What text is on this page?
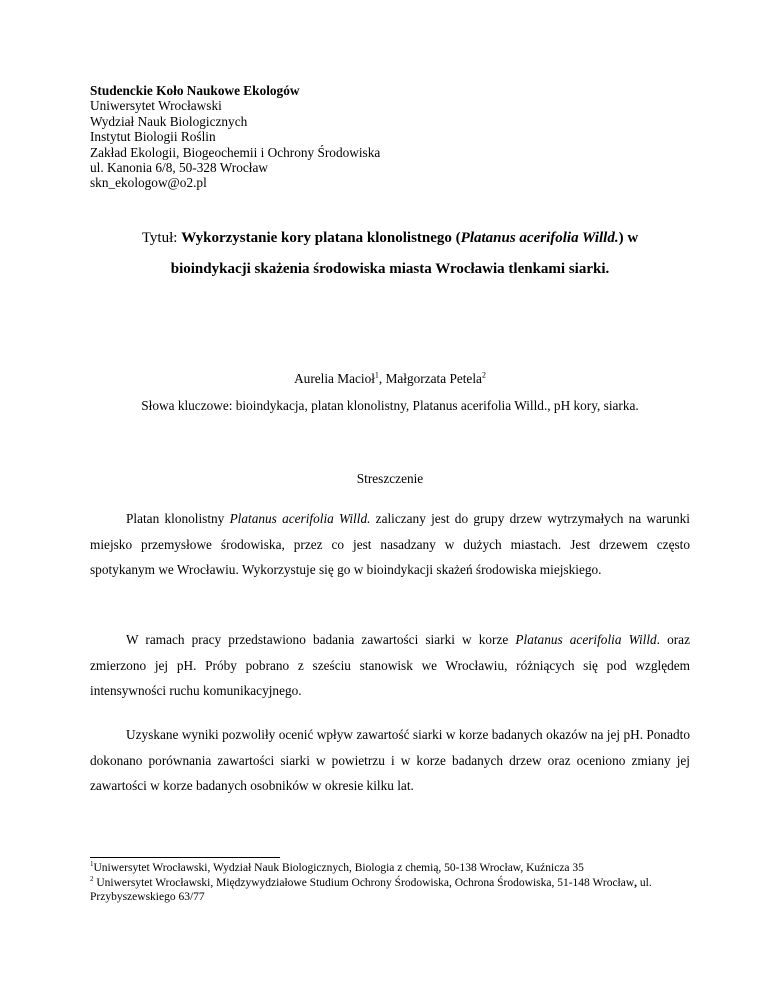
Studenckie Koło Naukowe Ekologów
Uniwersytet Wrocławski
Wydział Nauk Biologicznych
Instytut Biologii Roślin
Zakład Ekologii, Biogeochemii i Ochrony Środowiska
ul. Kanonia 6/8, 50-328 Wrocław
skn_ekologow@o2.pl
Tytuł: Wykorzystanie kory platana klonolistnego (Platanus acerifolia Willd.) w
bioindykacji skażenia środowiska miasta Wrocławia tlenkami siarki.
Aurelia Macioł$^1$, Małgorzata Petela$^2$
Słowa kluczowe: bioindykacja, platan klonolistny, Platanus acerifolia Willd., pH kory, siarka.
Streszczenie

Platan klonolistny Platanus acerifolia Willd. zaliczany jest do grupy drzew wytrzymałych na warunki miejsko przemysłowe środowiska, przez co jest nasadzany w dużych miastach. Jest drzewem często spotykanym we Wrocławiu. Wykorzystuje się go w bioindykacji skażeń środowiska miejskiego.

W ramach pracy przedstawiono badania zawartości siarki w korze Platanus acerifolia Willd. oraz zmierzono jej pH. Próby pobrano z sześciu stanowisk we Wrocławiu, różniących się pod względem intensywności ruchu komunikacyjnego.

Uzyskane wyniki pozwoliły ocenić wpływ zawartość siarki w korze badanych okazów na jej pH. Ponadto dokonano porównania zawartości siarki w powietrzu i w korze badanych drzew oraz oceniono zmiany jej zawartości w korze badanych osobników w okresie kilku lat.

$^1$Uniwersytet Wrocławski, Wydział Nauk Biologicznych, Biologia z chemią, 50-138 Wrocław, Kuźnicza 35
$^2$ Uniwersytet Wrocławski, Międzywydziałowe Studium Ochrony Środowiska, Ochrona Środowiska, 51-148 Wrocław, ul. Przybyszewskiego 63/77
